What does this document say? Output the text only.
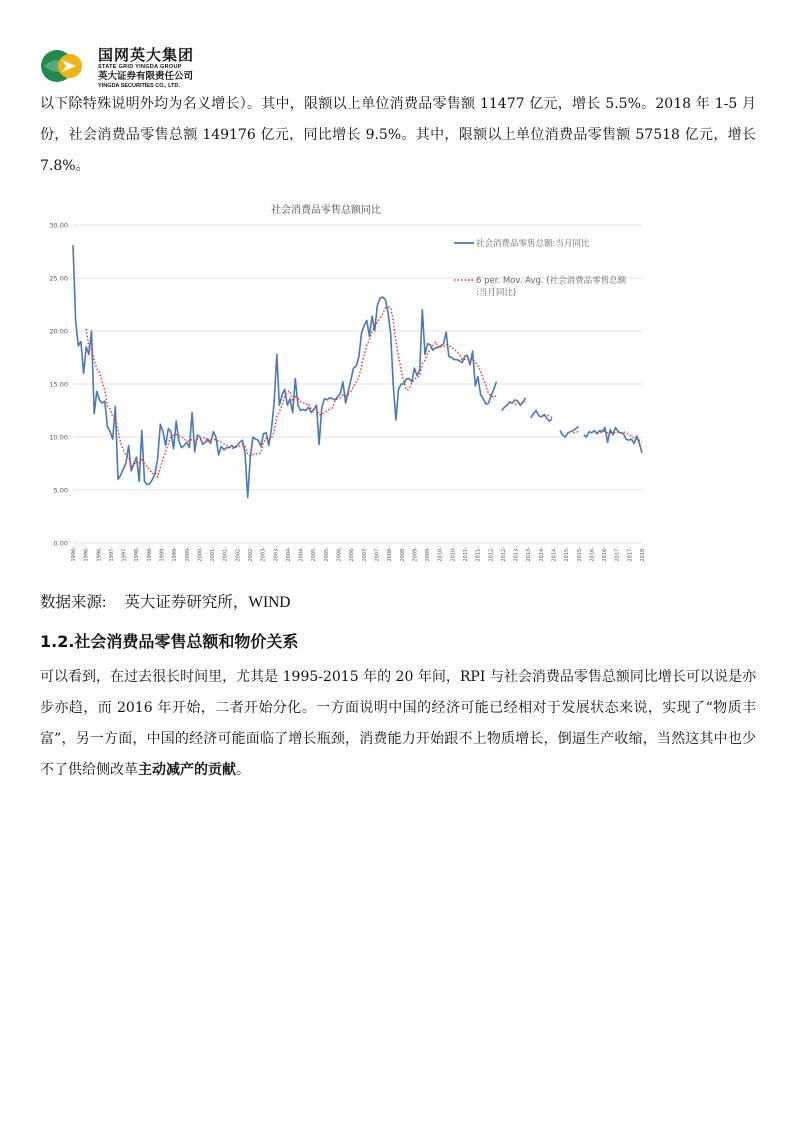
国网英大集团
STATE GRID YINGDA GROUP
英大证券有限责任公司
YINGDA SECURITIES CO., LTD.
以下除特殊说明外均为名义增长）。其中，限额以上单位消费品零售额 11477 亿元，增长 5.5%。2018 年 1-5 月份，社会消费品零售总额 149176 亿元，同比增长 9.5%。其中，限额以上单位消费品零售额 57518 亿元，增长 7.8%。
社会消费品零售总额同比
0.00
5.00
10.00
15.00
20.00
25.00
30.00
1996- 1996- 1996- 1997- 1997- 1998- 1998- 1999- 1999- 2000- 2000- 2001- 2001- 2002- 2002- 2003- 2003- 2004- 2004- 2005- 2005- 2006- 2006- 2007- 2007- 2008- 2008- 2009- 2009- 2010- 2010- 2011- 2011- 2012- 2012- 2013- 2013- 2014- 2014- 2015- 2015- 2016- 2016- 2017- 2017- 2018-
社会消费品零售总额:当月同比
6 per. Mov. Avg. (社会消费品零售总额 :当月同比)
数据来源: 英大证券研究所，WIND
1.2.社会消费品零售总额和物价关系
可以看到，在过去很长时间里，尤其是 1995-2015 年的 20 年间，RPI 与社会消费品零售总额同比增长可以说是亦步亦趋，而 2016 年开始，二者开始分化。一方面说明中国的经济可能已经相对于发展状态来说，实现了“物质丰富”，另一方面，中国的经济可能面临了增长瓶颈，消费能力开始跟不上物质增长，倒逼生产收缩，当然这其中也少不了供给侧改革主动减产的贡献。
